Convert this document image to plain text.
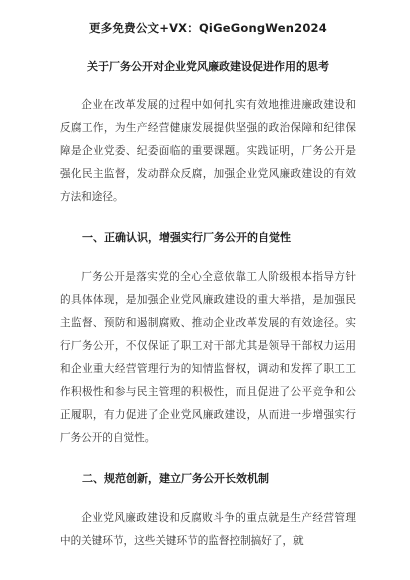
更多免费公文+VX：QiGeGongWen2024
关于厂务公开对企业党风廉政建设促进作用的思考

企业在改革发展的过程中如何扎实有效地推进廉政建设和反腐工作，为生产经营健康发展提供坚强的政治保障和纪律保障是企业党委、纪委面临的重要课题。实践证明，厂务公开是强化民主监督，发动群众反腐，加强企业党风廉政建设的有效方法和途径。

一、正确认识，增强实行厂务公开的自觉性

厂务公开是落实党的全心全意依靠工人阶级根本指导方针的具体体现，是加强企业党风廉政建设的重大举措，是加强民主监督、预防和遏制腐败、推动企业改革发展的有效途径。实行厂务公开，不仅保证了职工对干部尤其是领导干部权力运用和企业重大经营管理行为的知情监督权，调动和发挥了职工工作积极性和参与民主管理的积极性，而且促进了公平竞争和公正履职，有力促进了企业党风廉政建设，从而进一步增强实行厂务公开的自觉性。

二、规范创新，建立厂务公开长效机制

企业党风廉政建设和反腐败斗争的重点就是生产经营管理中的关键环节，这些关键环节的监督控制搞好了，就
